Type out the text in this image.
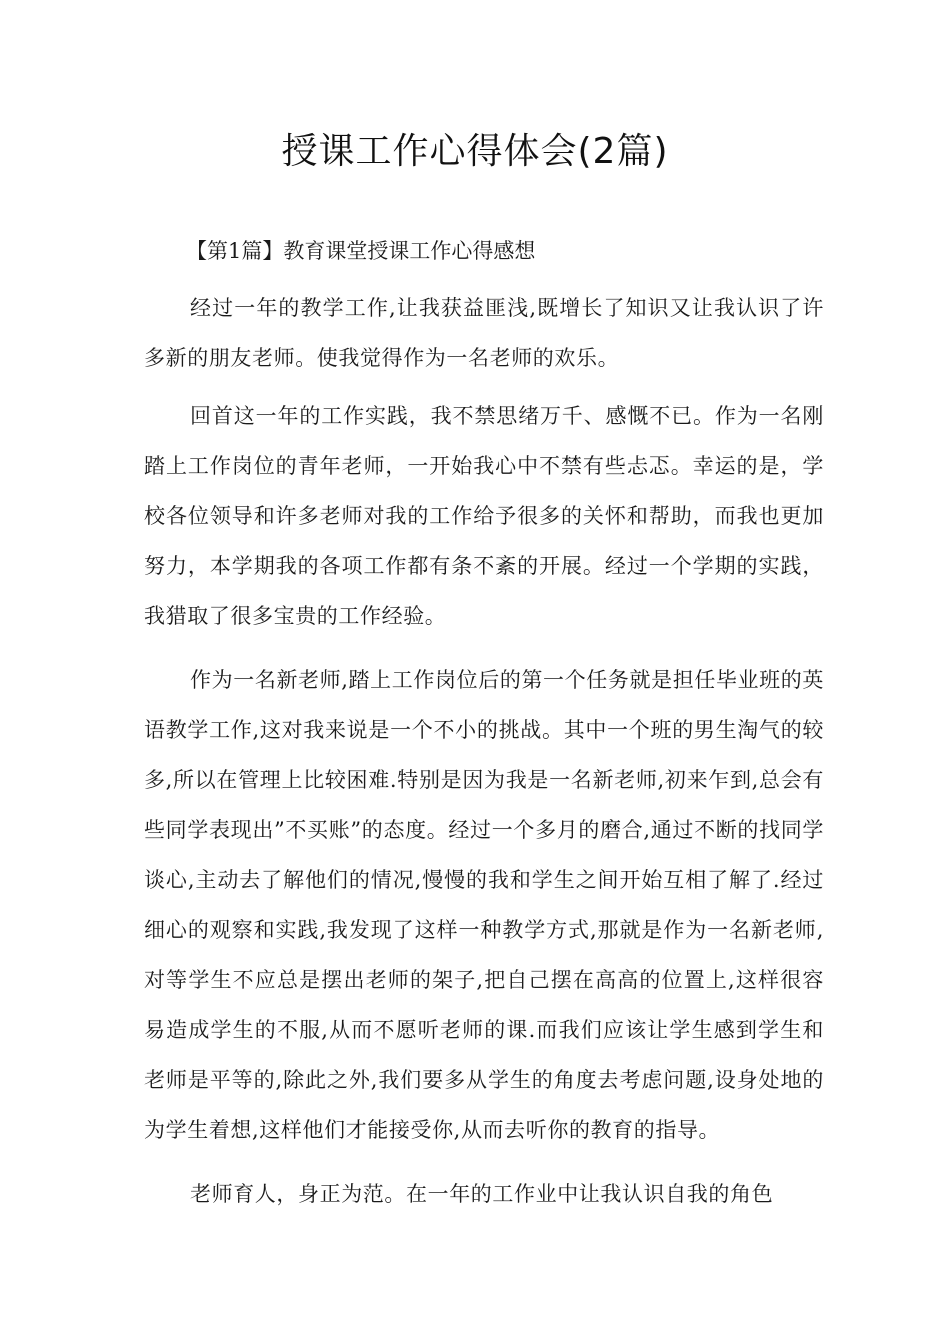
授课工作心得体会(2篇)

【第1篇】教育课堂授课工作心得感想

经过一年的教学工作,让我获益匪浅,既增长了知识又让我认识了许多新的朋友老师。使我觉得作为一名老师的欢乐。

回首这一年的工作实践，我不禁思绪万千、感慨不已。作为一名刚踏上工作岗位的青年老师，一开始我心中不禁有些忐忑。幸运的是，学校各位领导和许多老师对我的工作给予很多的关怀和帮助，而我也更加努力，本学期我的各项工作都有条不紊的开展。经过一个学期的实践，我猎取了很多宝贵的工作经验。

作为一名新老师,踏上工作岗位后的第一个任务就是担任毕业班的英语教学工作,这对我来说是一个不小的挑战。其中一个班的男生淘气的较多,所以在管理上比较困难.特别是因为我是一名新老师,初来乍到,总会有些同学表现出”不买账”的态度。经过一个多月的磨合,通过不断的找同学谈心,主动去了解他们的情况,慢慢的我和学生之间开始互相了解了.经过细心的观察和实践,我发现了这样一种教学方式,那就是作为一名新老师,对等学生不应总是摆出老师的架子,把自己摆在高高的位置上,这样很容易造成学生的不服,从而不愿听老师的课.而我们应该让学生感到学生和老师是平等的,除此之外,我们要多从学生的角度去考虑问题,设身处地的为学生着想,这样他们才能接受你,从而去听你的教育的指导。

老师育人，身正为范。在一年的工作业中让我认识自我的角色
